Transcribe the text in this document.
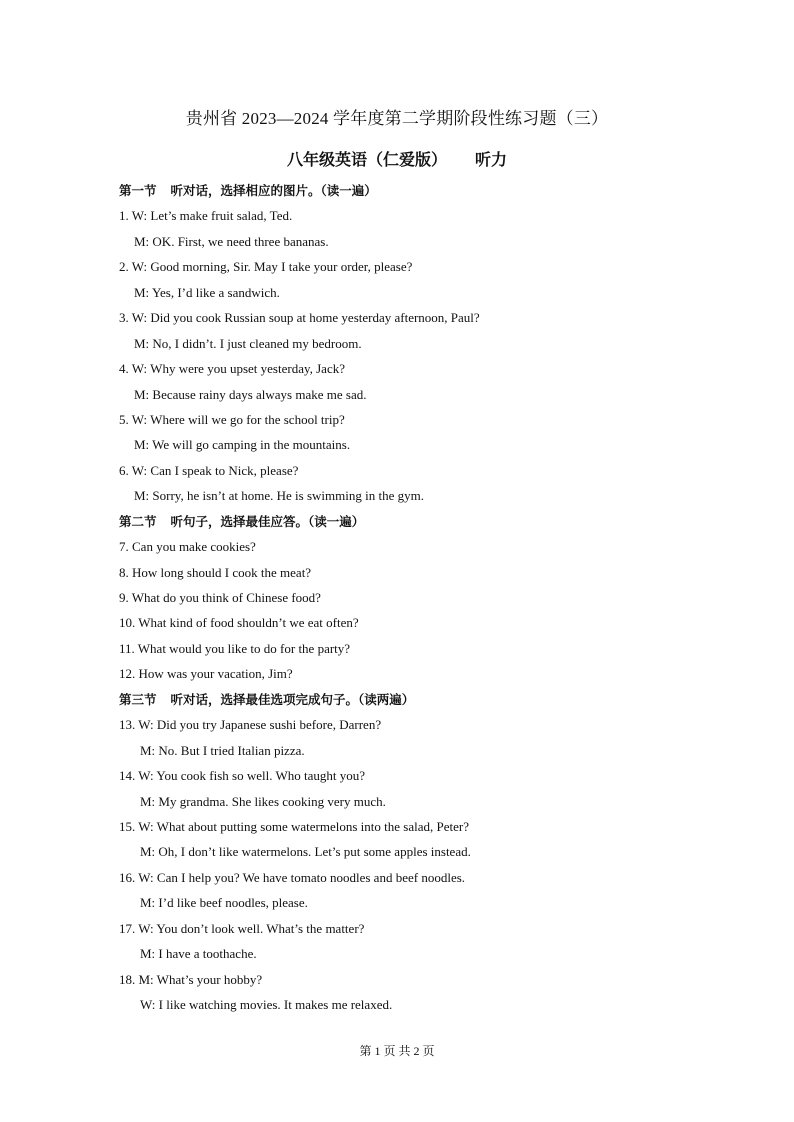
贵州省 2023—2024 学年度第二学期阶段性练习题（三）
八年级英语（仁爱版） 听力
第一节 听对话，选择相应的图片。（读一遍）
1. W: Let’s make fruit salad, Ted.
M: OK. First, we need three bananas.
2. W: Good morning, Sir. May I take your order, please?
M: Yes, I’d like a sandwich.
3. W: Did you cook Russian soup at home yesterday afternoon, Paul?
M: No, I didn’t. I just cleaned my bedroom.
4. W: Why were you upset yesterday, Jack?
M: Because rainy days always make me sad.
5. W: Where will we go for the school trip?
M: We will go camping in the mountains.
6. W: Can I speak to Nick, please?
M: Sorry, he isn’t at home. He is swimming in the gym.
第二节 听句子，选择最佳应答。（读一遍）
7. Can you make cookies?
8. How long should I cook the meat?
9. What do you think of Chinese food?
10. What kind of food shouldn’t we eat often?
11. What would you like to do for the party?
12. How was your vacation, Jim?
第三节 听对话，选择最佳选项完成句子。（读两遍）
13. W: Did you try Japanese sushi before, Darren?
M: No. But I tried Italian pizza.
14. W: You cook fish so well. Who taught you?
M: My grandma. She likes cooking very much.
15. W: What about putting some watermelons into the salad, Peter?
M: Oh, I don’t like watermelons. Let’s put some apples instead.
16. W: Can I help you? We have tomato noodles and beef noodles.
M: I’d like beef noodles, please.
17. W: You don’t look well. What’s the matter?
M: I have a toothache.
18. M: What’s your hobby?
W: I like watching movies. It makes me relaxed.
第 1 页 共 2 页
